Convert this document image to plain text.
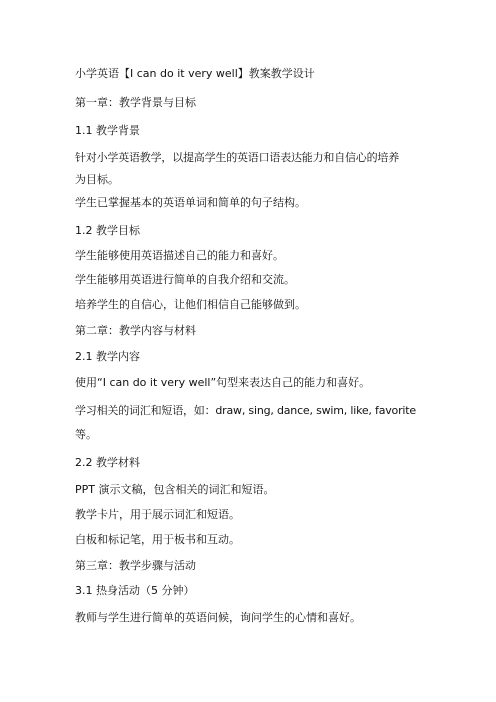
小学英语【I can do it very well】教案教学设计
第一章：教学背景与目标
1.1 教学背景
针对小学英语教学，以提高学生的英语口语表达能力和自信心的培养
为目标。
学生已掌握基本的英语单词和简单的句子结构。
1.2 教学目标
学生能够使用英语描述自己的能力和喜好。
学生能够用英语进行简单的自我介绍和交流。
培养学生的自信心，让他们相信自己能够做到。
第二章：教学内容与材料
2.1 教学内容
使用“I can do it very well”句型来表达自己的能力和喜好。
学习相关的词汇和短语，如：draw, sing, dance, swim, like, favorite
等。
2.2 教学材料
PPT 演示文稿，包含相关的词汇和短语。
教学卡片，用于展示词汇和短语。
白板和标记笔，用于板书和互动。
第三章：教学步骤与活动
3.1 热身活动（5 分钟）
教师与学生进行简单的英语问候，询问学生的心情和喜好。
